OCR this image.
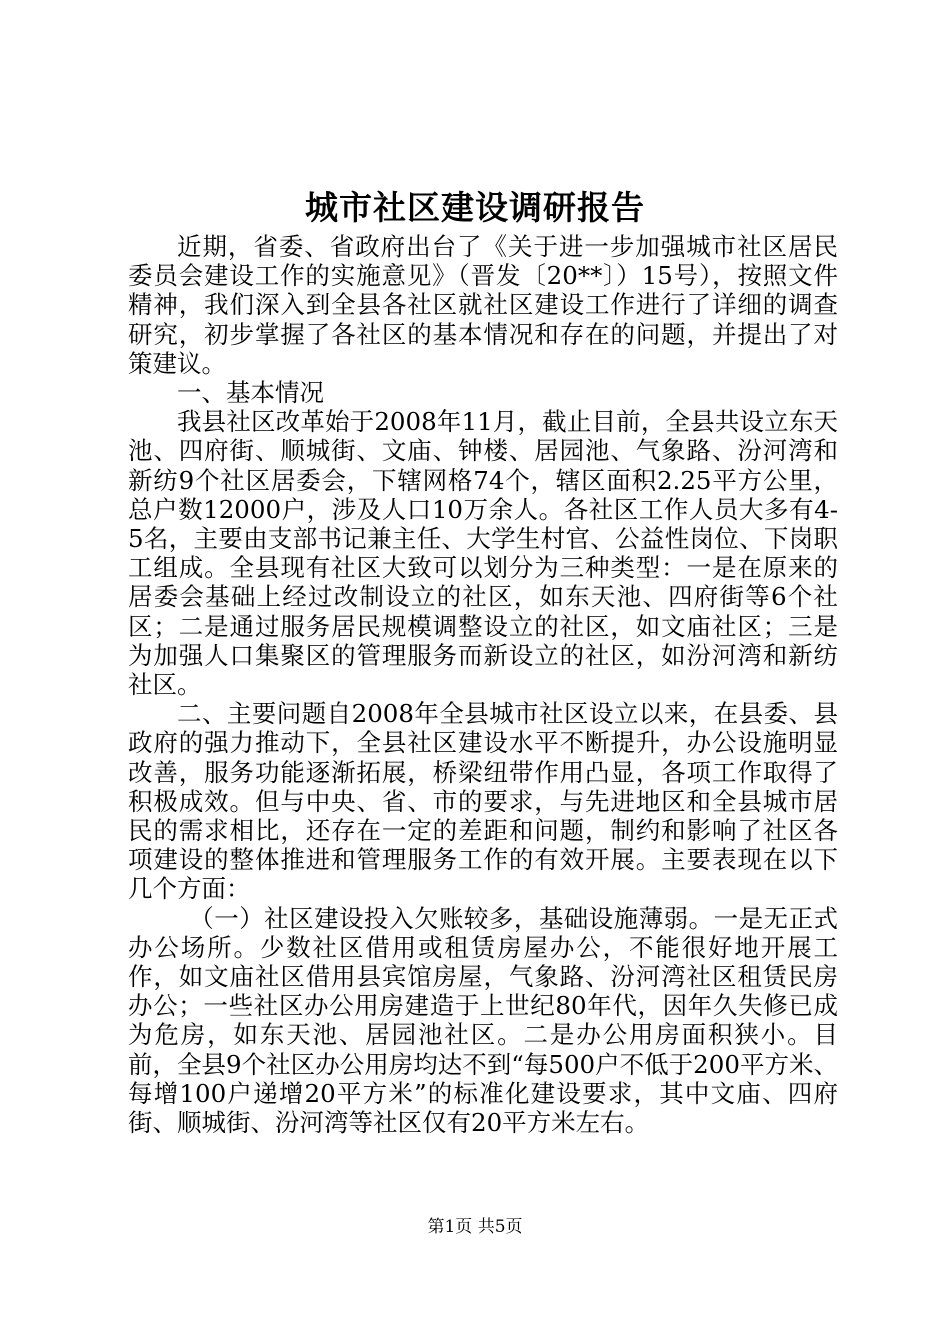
城市社区建设调研报告

近期，省委、省政府出台了《关于进一步加强城市社区居民委员会建设工作的实施意见》（晋发〔20**〕）15号），按照文件精神，我们深入到全县各社区就社区建设工作进行了详细的调查研究，初步掌握了各社区的基本情况和存在的问题，并提出了对策建议。

一、基本情况

我县社区改革始于2008年11月，截止目前，全县共设立东天池、四府街、顺城街、文庙、钟楼、居园池、气象路、汾河湾和新纺9个社区居委会，下辖网格74个，辖区面积2.25平方公里，总户数12000户，涉及人口10万余人。各社区工作人员大多有4-5名，主要由支部书记兼主任、大学生村官、公益性岗位、下岗职工组成。全县现有社区大致可以划分为三种类型：一是在原来的居委会基础上经过改制设立的社区，如东天池、四府街等6个社区；二是通过服务居民规模调整设立的社区，如文庙社区；三是为加强人口集聚区的管理服务而新设立的社区，如汾河湾和新纺社区。

二、主要问题自2008年全县城市社区设立以来，在县委、县政府的强力推动下，全县社区建设水平不断提升，办公设施明显改善，服务功能逐渐拓展，桥梁纽带作用凸显，各项工作取得了积极成效。但与中央、省、市的要求，与先进地区和全县城市居民的需求相比，还存在一定的差距和问题，制约和影响了社区各项建设的整体推进和管理服务工作的有效开展。主要表现在以下几个方面：

（一）社区建设投入欠账较多，基础设施薄弱。一是无正式办公场所。少数社区借用或租赁房屋办公，不能很好地开展工作，如文庙社区借用县宾馆房屋，气象路、汾河湾社区租赁民房办公；一些社区办公用房建造于上世纪80年代，因年久失修已成为危房，如东天池、居园池社区。二是办公用房面积狭小。目前，全县9个社区办公用房均达不到“每500户不低于200平方米、每增100户递增20平方米”的标准化建设要求，其中文庙、四府街、顺城街、汾河湾等社区仅有20平方米左右。

第1页 共5页
